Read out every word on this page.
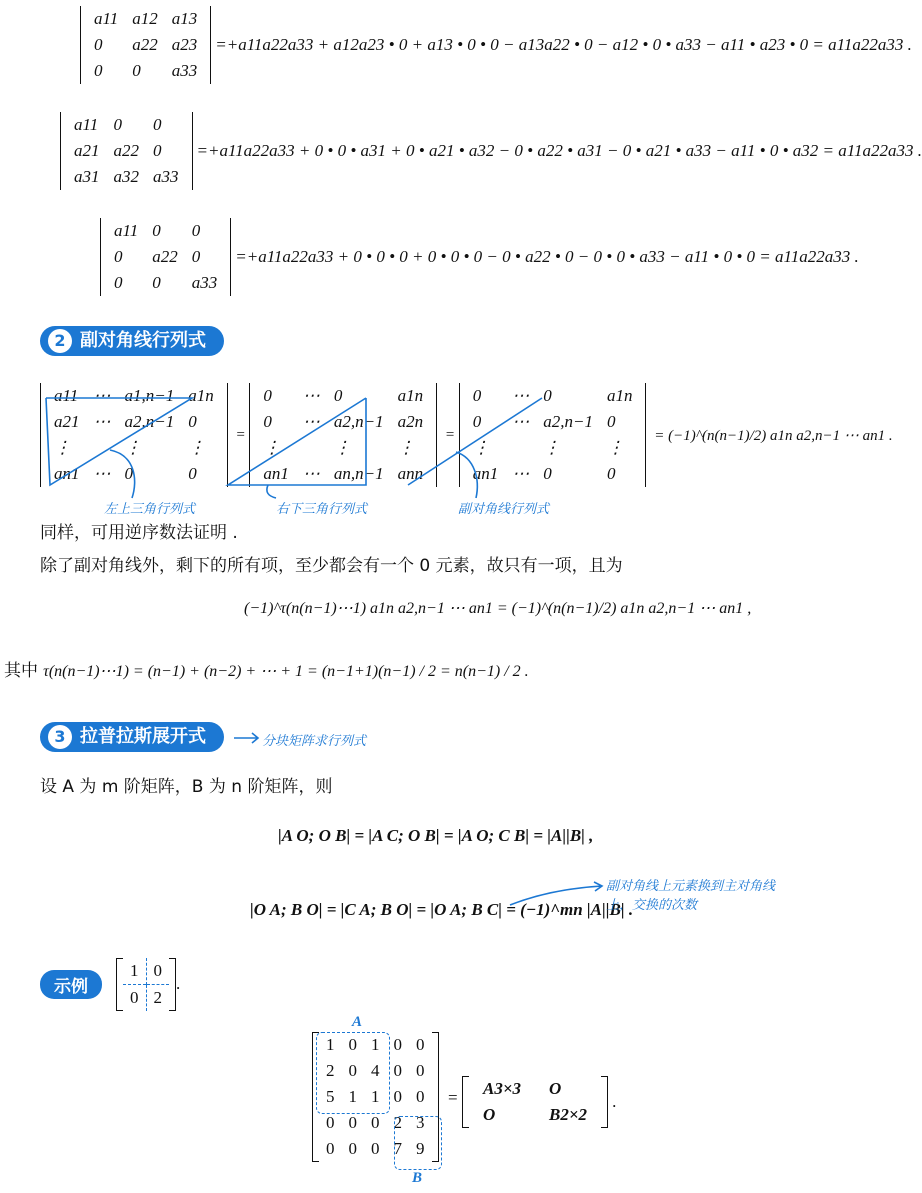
a11	a12	a13
0	a22	a23
0	0	a33
=+a11a22a33 + a12a23 • 0 + a13 • 0 • 0 − a13a22 • 0 − a12 • 0 • a33 − a11 • a23 • 0 = a11a22a33 .
a11	0	0
a21	a22	0
a31	a32	a33
=+a11a22a33 + 0 • 0 • a31 + 0 • a21 • a32 − 0 • a22 • a31 − 0 • a21 • a33 − a11 • 0 • a32 = a11a22a33 .
a11	0	0
0	a22	0
0	0	a33
=+a11a22a33 + 0 • 0 • 0 + 0 • 0 • 0 − 0 • a22 • 0 − 0 • 0 • a33 − a11 • 0 • 0 = a11a22a33 .
2 副对角线行列式
a11	⋯	a1,n−1	a1n
a21	⋯	a2,n−1	0
⋮		⋮	⋮
an1	⋯	0	0
=
0	⋯	0	a1n
0	⋯	a2,n−1	a2n
⋮		⋮	⋮
an1	⋯	an,n−1	ann
=
0	⋯	0	a1n
0	⋯	a2,n−1	0
⋮		⋮	⋮
an1	⋯	0	0
= (−1)^(n(n−1)/2) a1n a2,n−1 ⋯ an1 .
左上三角行列式	右下三角行列式	副对角线行列式
同样，可用逆序数法证明 .
除了副对角线外，剩下的所有项，至少都会有一个 0 元素，故只有一项，且为
(−1)^τ(n(n−1)⋯1) a1n a2,n−1 ⋯ an1 = (−1)^(n(n−1)/2) a1n a2,n−1 ⋯ an1 ,
其中 τ(n(n−1)⋯1) = (n−1) + (n−2) + ⋯ + 1 = (n−1+1)(n−1) / 2 = n(n−1) / 2 .
3 拉普拉斯展开式	分块矩阵求行列式
设 A 为 m 阶矩阵，B 为 n 阶矩阵，则
|A O; O B| = |A C; O B| = |A O; C B| = |A||B| ,
|O A; B O| = |C A; B O| = |O A; B C| = (−1)^mn |A||B| .
副对角线上元素换到主对角线上，交换的次数
示例
1	0
0	2
.
A
1	0	1	0	0
2	0	4	0	0
5	1	1	0	0
0	0	0	2	3
0	0	0	7	9
B
= A3×3	O
O	B2×2
.
